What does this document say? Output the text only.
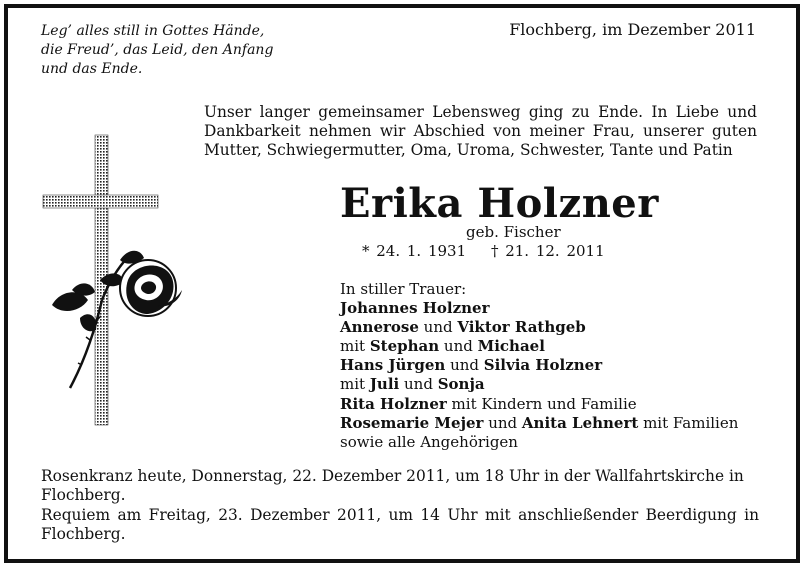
Leg’ alles still in Gottes Hände,
die Freud’, das Leid, den Anfang
und das Ende.
Flochberg, im Dezember 2011
Unser langer gemeinsamer Lebensweg ging zu Ende. In Liebe und Dankbarkeit nehmen wir Abschied von meiner Frau, unserer guten Mutter, Schwiegermutter, Oma, Uroma, Schwester, Tante und Patin
Erika Holzner
geb. Fischer
* 24. 1. 1931 † 21. 12. 2011
In stiller Trauer:
Johannes Holzner
Annerose und Viktor Rathgeb
mit Stephan und Michael
Hans Jürgen und Silvia Holzner
mit Juli und Sonja
Rita Holzner mit Kindern und Familie
Rosemarie Mejer und Anita Lehnert mit Familien
sowie alle Angehörigen
Rosenkranz heute, Donnerstag, 22. Dezember 2011, um 18 Uhr in der Wallfahrtskirche in Flochberg.
Requiem am Freitag, 23. Dezember 2011, um 14 Uhr mit anschließender Beerdigung in Flochberg.
